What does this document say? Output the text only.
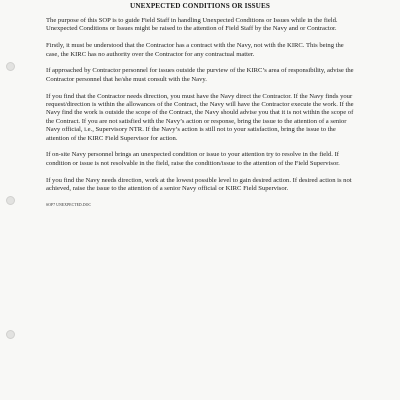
UNEXPECTED CONDITIONS OR ISSUES

The purpose of this SOP is to guide Field Staff in handling Unexpected Conditions or Issues while in the field. Unexpected Conditions or Issues might be raised to the attention of Field Staff by the Navy and or Contractor.

Firstly, it must be understood that the Contractor has a contract with the Navy, not with the KIRC. This being the case, the KIRC has no authority over the Contractor for any contractual matter.

If approached by Contractor personnel for issues outside the purview of the KIRC’s area of responsibility, advise the Contractor personnel that he/she must consult with the Navy.

If you find that the Contractor needs direction, you must have the Navy direct the Contractor. If the Navy finds your request/direction is within the allowances of the Contract, the Navy will have the Contractor execute the work. If the Navy find the work is outside the scope of the Contract, the Navy should advise you that it is not within the scope of the Contract. If you are not satisfied with the Navy’s action or response, bring the issue to the attention of a senior Navy official, i.e., Supervisory NTR. If the Navy’s action is still not to your satisfaction, bring the issue to the attention of the KIRC Field Supervisor for action.

If on-site Navy personnel brings an unexpected condition or issue to your attention try to resolve in the field. If condition or issue is not resolvable in the field, raise the condition/issue to the attention of the Field Supervisor.

If you find the Navy needs direction, work at the lowest possible level to gain desired action. If desired action is not achieved, raise the issue to the attention of a senior Navy official or KIRC Field Supervisor.

SOP7 UNEXPECTED.DOC
